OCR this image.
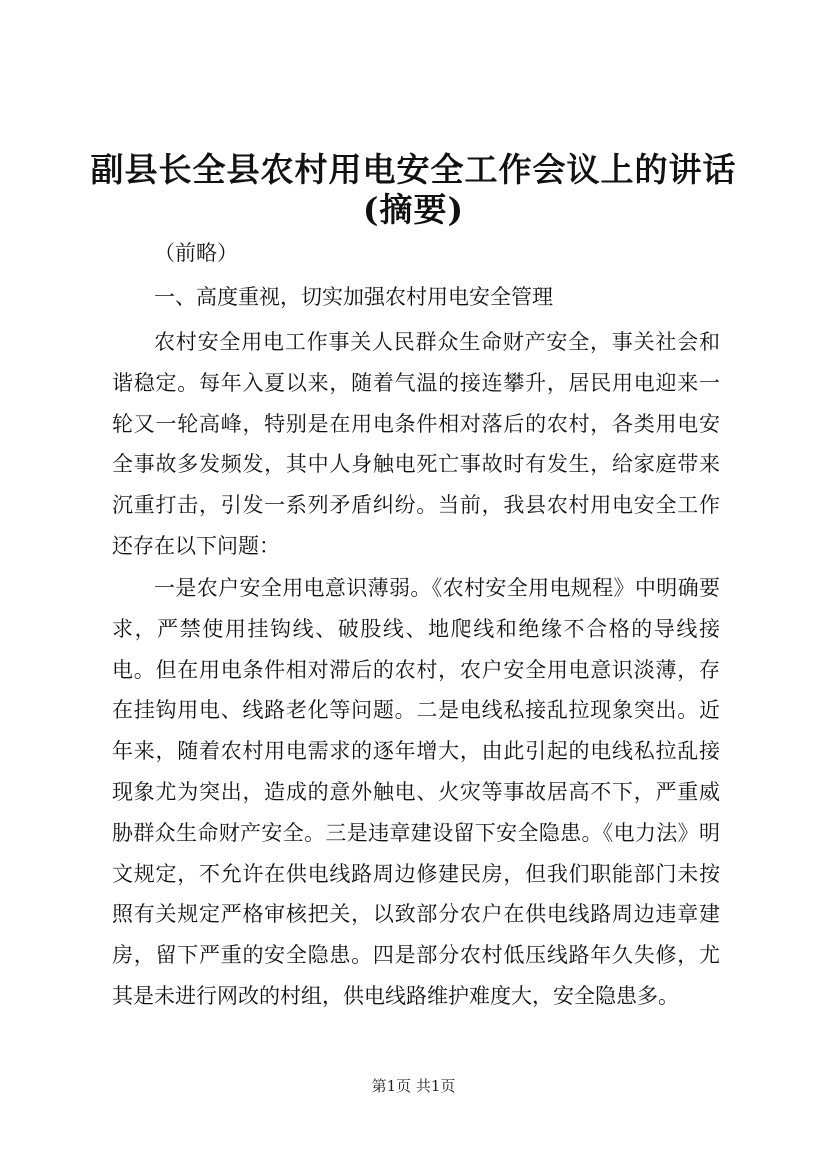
副县长全县农村用电安全工作会议上的讲话
(摘要)
（前略）
一、高度重视，切实加强农村用电安全管理

农村安全用电工作事关人民群众生命财产安全，事关社会和谐稳定。每年入夏以来，随着气温的接连攀升，居民用电迎来一轮又一轮高峰，特别是在用电条件相对落后的农村，各类用电安全事故多发频发，其中人身触电死亡事故时有发生，给家庭带来沉重打击，引发一系列矛盾纠纷。当前，我县农村用电安全工作还存在以下问题：

一是农户安全用电意识薄弱。《农村安全用电规程》中明确要求，严禁使用挂钩线、破股线、地爬线和绝缘不合格的导线接电。但在用电条件相对滞后的农村，农户安全用电意识淡薄，存在挂钩用电、线路老化等问题。二是电线私接乱拉现象突出。近年来，随着农村用电需求的逐年增大，由此引起的电线私拉乱接现象尤为突出，造成的意外触电、火灾等事故居高不下，严重威胁群众生命财产安全。三是违章建设留下安全隐患。《电力法》明文规定，不允许在供电线路周边修建民房，但我们职能部门未按照有关规定严格审核把关，以致部分农户在供电线路周边违章建房，留下严重的安全隐患。四是部分农村低压线路年久失修，尤其是未进行网改的村组，供电线路维护难度大，安全隐患多。

第1页 共1页
